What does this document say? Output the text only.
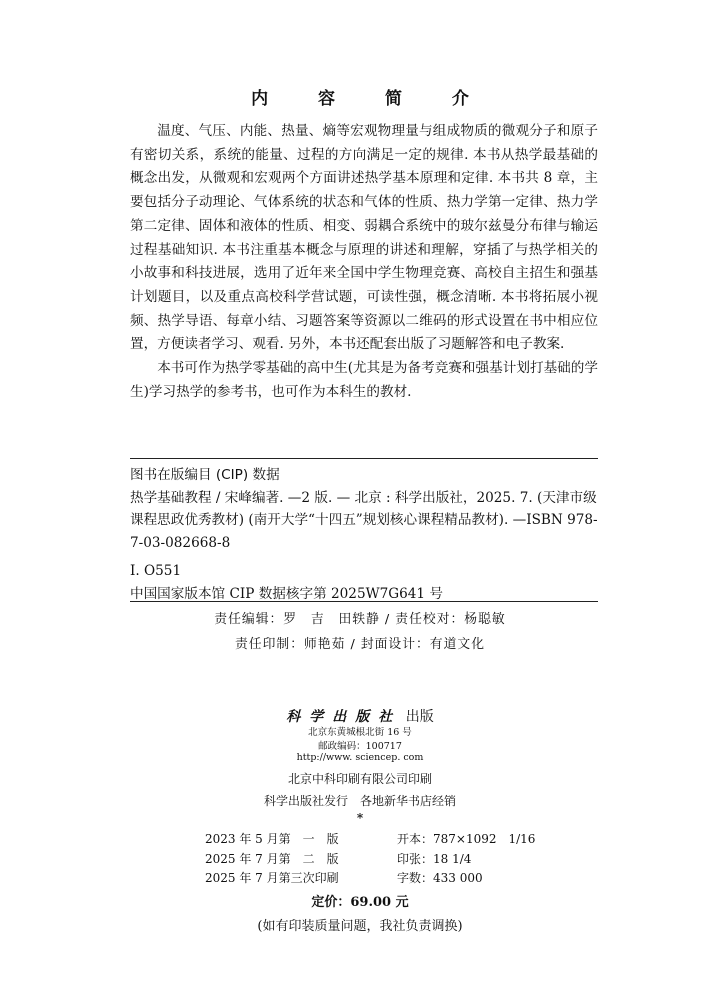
内 容 简 介

温度、气压、内能、热量、熵等宏观物理量与组成物质的微观分子和原子有密切关系，系统的能量、过程的方向满足一定的规律. 本书从热学最基础的概念出发，从微观和宏观两个方面讲述热学基本原理和定律. 本书共 8 章，主要包括分子动理论、气体系统的状态和气体的性质、热力学第一定律、热力学第二定律、固体和液体的性质、相变、弱耦合系统中的玻尔兹曼分布律与输运过程基础知识. 本书注重基本概念与原理的讲述和理解，穿插了与热学相关的小故事和科技进展，选用了近年来全国中学生物理竞赛、高校自主招生和强基计划题目，以及重点高校科学营试题，可读性强，概念清晰. 本书将拓展小视频、热学导语、每章小结、习题答案等资源以二维码的形式设置在书中相应位置，方便读者学习、观看. 另外，本书还配套出版了习题解答和电子教案.

本书可作为热学零基础的高中生(尤其是为备考竞赛和强基计划打基础的学生)学习热学的参考书，也可作为本科生的教材.

图书在版编目 (CIP) 数据

热学基础教程 / 宋峰编著. —2 版. — 北京 : 科学出版社，2025. 7. (天津市级课程思政优秀教材) (南开大学“十四五”规划核心课程精品教材). —ISBN 978-7-03-082668-8

Ⅰ. O551

中国国家版本馆 CIP 数据核字第 2025W7G641 号

责任编辑：罗　吉　田轶静 / 责任校对：杨聪敏
责任印制：师艳茹 / 封面设计：有道文化
科学出版社 出版
北京东黄城根北街 16 号
邮政编码：100717
http://www. sciencep. com
北京中科印刷有限公司印刷
科学出版社发行　各地新华书店经销
*
2023 年 5 月第　一　版	开本：787×1092　1/16
2025 年 7 月第　二　版	印张：18 1/4
2025 年 7 月第三次印刷	字数：433 000
定价：69.00 元
(如有印装质量问题，我社负责调换)
